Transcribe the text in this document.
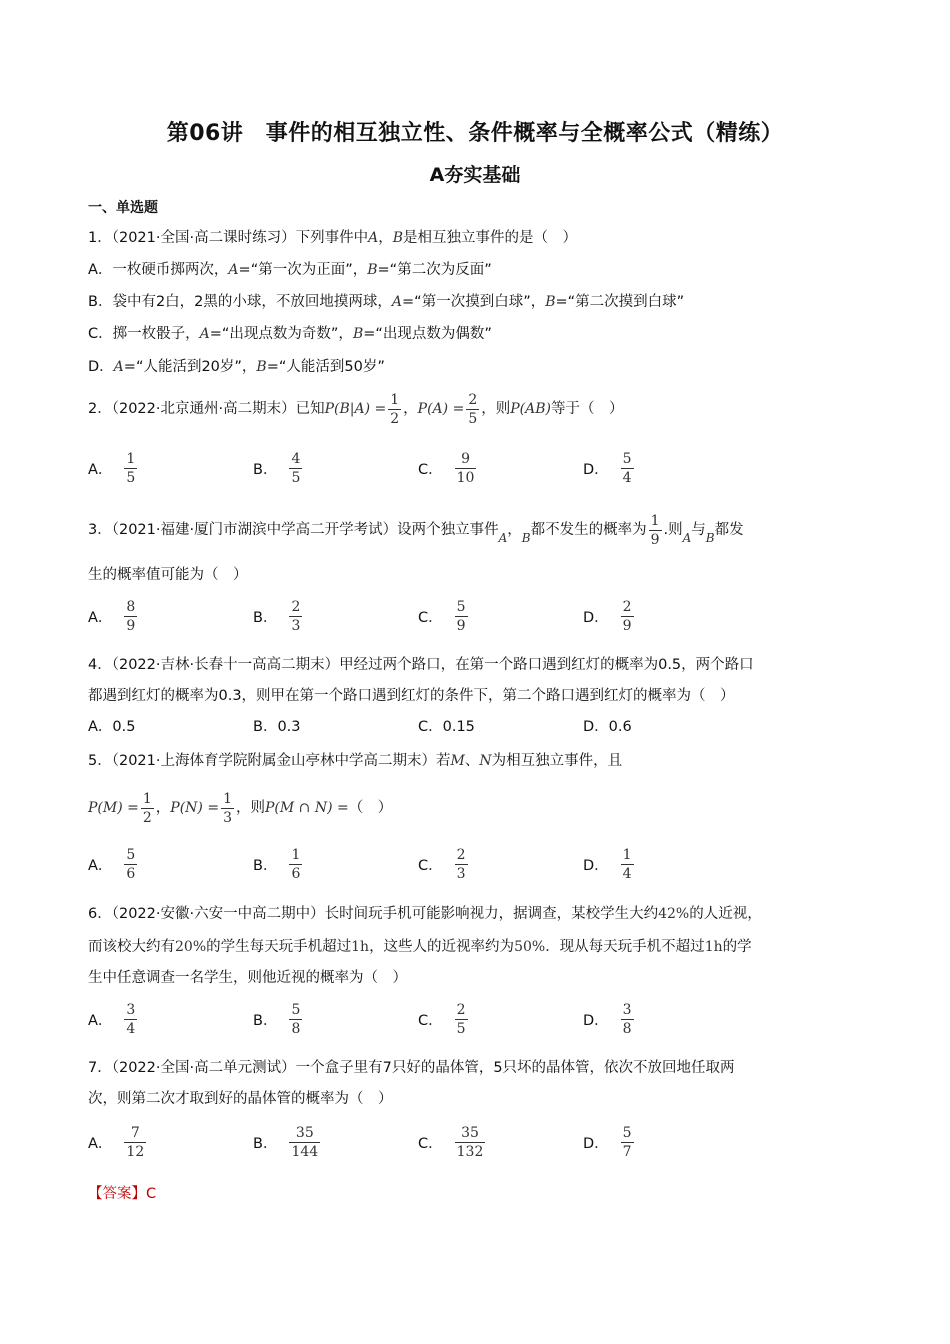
第06讲　事件的相互独立性、条件概率与全概率公式（精练）
A夯实基础
一、单选题
1．（2021·全国·高二课时练习）下列事件中A，B是相互独立事件的是（　）
A．一枚硬币掷两次，A=“第一次为正面”，B=“第二次为反面”
B．袋中有2白，2黑的小球，不放回地摸两球，A=“第一次摸到白球”，B=“第二次摸到白球”
C．掷一枚骰子，A=“出现点数为奇数”，B=“出现点数为偶数”
D．A=“人能活到20岁”，B=“人能活到50岁”
2．（2022·北京通州·高二期末）已知 $P(B|A) = \frac{1}{2}$ ， $P(A) = \frac{2}{5}$ ，则 P(AB) 等于（　）
A． $\frac{1}{5}$	B． $\frac{4}{5}$	C． $\frac{9}{10}$	D． $\frac{5}{4}$
3．（2021·福建·厦门市湖滨中学高二开学考试）设两个独立事件 A ， B 都不发生的概率为 $\frac{1}{9}$ .则 A 与 B 都发
生的概率值可能为（　）
A． $\frac{8}{9}$	B． $\frac{2}{3}$	C． $\frac{5}{9}$	D． $\frac{2}{9}$
4．（2022·吉林·长春十一高高二期末）甲经过两个路口，在第一个路口遇到红灯的概率为0.5，两个路口
都遇到红灯的概率为0.3，则甲在第一个路口遇到红灯的条件下，第二个路口遇到红灯的概率为（　）
A．0.5	B．0.3	C．0.15	D．0.6
5．（2021·上海体育学院附属金山亭林中学高二期末）若M、N为相互独立事件，且
$P(M) = \frac{1}{2}$ ， $P(N) = \frac{1}{3}$ ，则 P(M ∩ N) = （　）
A． $\frac{5}{6}$	B． $\frac{1}{6}$	C． $\frac{2}{3}$	D． $\frac{1}{4}$
6．（2022·安徽·六安一中高二期中）长时间玩手机可能影响视力，据调查，某校学生大约42%的人近视，
而该校大约有20%的学生每天玩手机超过1h，这些人的近视率约为50%．现从每天玩手机不超过1h的学
生中任意调查一名学生，则他近视的概率为（　）
A． $\frac{3}{4}$	B． $\frac{5}{8}$	C． $\frac{2}{5}$	D． $\frac{3}{8}$
7．（2022·全国·高二单元测试）一个盒子里有7只好的晶体管，5只坏的晶体管，依次不放回地任取两
次，则第二次才取到好的晶体管的概率为（　）
A． $\frac{7}{12}$	B． $\frac{35}{144}$	C． $\frac{35}{132}$	D． $\frac{5}{7}$
【答案】C
